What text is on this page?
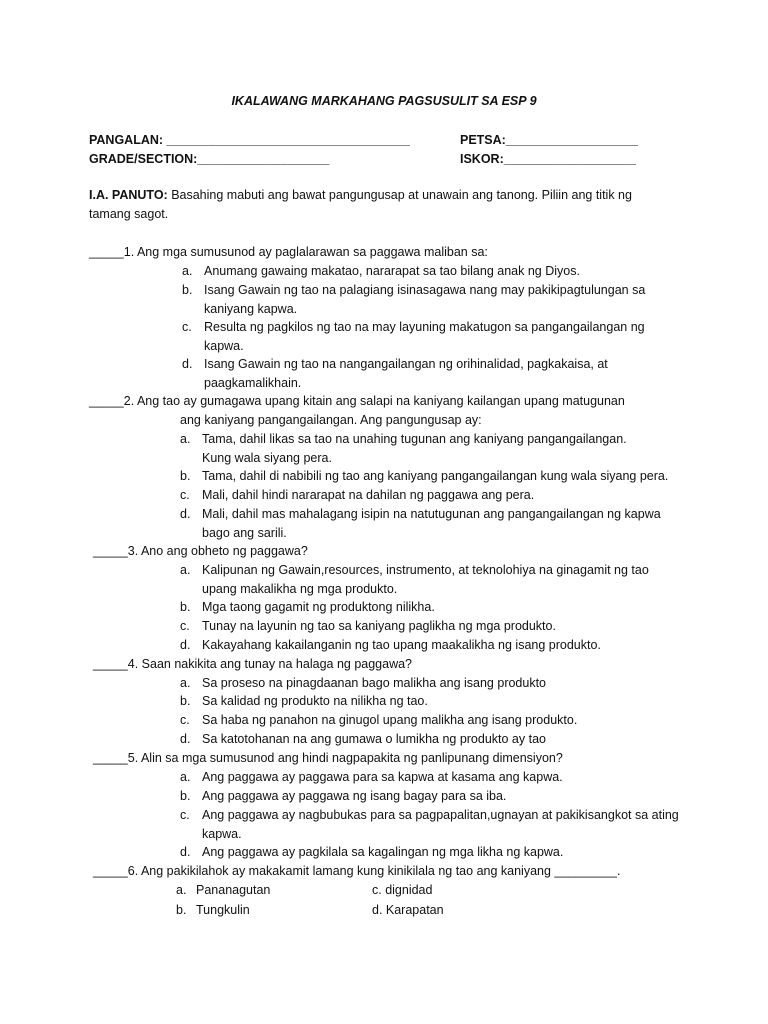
IKALAWANG MARKAHANG PAGSUSULIT SA ESP 9
PANGALAN: ___________________________________	PETSA:___________________
GRADE/SECTION:___________________	ISKOR:___________________
I.A. PANUTO: Basahing mabuti ang bawat pangungusap at unawain ang tanong. Piliin ang titik ng tamang sagot.
_____1. Ang mga sumusunod ay paglalarawan sa paggawa maliban sa:
a. Anumang gawaing makatao, nararapat sa tao bilang anak ng Diyos.
b. Isang Gawain ng tao na palagiang isinasagawa nang may pakikipagtulungan sa kaniyang kapwa.
c. Resulta ng pagkilos ng tao na may layuning makatugon sa pangangailangan ng kapwa.
d. Isang Gawain ng tao na nangangailangan ng orihinalidad, pagkakaisa, at paagkamalikhain.
_____2. Ang tao ay gumagawa upang kitain ang salapi na kaniyang kailangan upang matugunan
ang kaniyang pangangailangan. Ang pangungusap ay:
a. Tama, dahil likas sa tao na unahing tugunan ang kaniyang pangangailangan. Kung wala siyang pera.
b. Tama, dahil di nabibili ng tao ang kaniyang pangangailangan kung wala siyang pera.
c. Mali, dahil hindi nararapat na dahilan ng paggawa ang pera.
d. Mali, dahil mas mahalagang isipin na natutugunan ang pangangailangan ng kapwa bago ang sarili.
_____3. Ano ang obheto ng paggawa?
a. Kalipunan ng Gawain,resources, instrumento, at teknolohiya na ginagamit ng tao upang makalikha ng mga produkto.
b. Mga taong gagamit ng produktong nilikha.
c. Tunay na layunin ng tao sa kaniyang paglikha ng mga produkto.
d. Kakayahang kakailanganin ng tao upang maakalikha ng isang produkto.
_____4. Saan nakikita ang tunay na halaga ng paggawa?
a. Sa proseso na pinagdaanan bago malikha ang isang produkto
b. Sa kalidad ng produkto na nilikha ng tao.
c. Sa haba ng panahon na ginugol upang malikha ang isang produkto.
d. Sa katotohanan na ang gumawa o lumikha ng produkto ay tao
_____5. Alin sa mga sumusunod ang hindi nagpapakita ng panlipunang dimensiyon?
a. Ang paggawa ay paggawa para sa kapwa at kasama ang kapwa.
b. Ang paggawa ay paggawa ng isang bagay para sa iba.
c. Ang paggawa ay nagbubukas para sa pagpapalitan,ugnayan at pakikisangkot sa ating kapwa.
d. Ang paggawa ay pagkilala sa kagalingan ng mga likha ng kapwa.
_____6. Ang pakikilahok ay makakamit lamang kung kinikilala ng tao ang kaniyang _________.
a. Pananagutan	c. dignidad
b. Tungkulin	d. Karapatan
